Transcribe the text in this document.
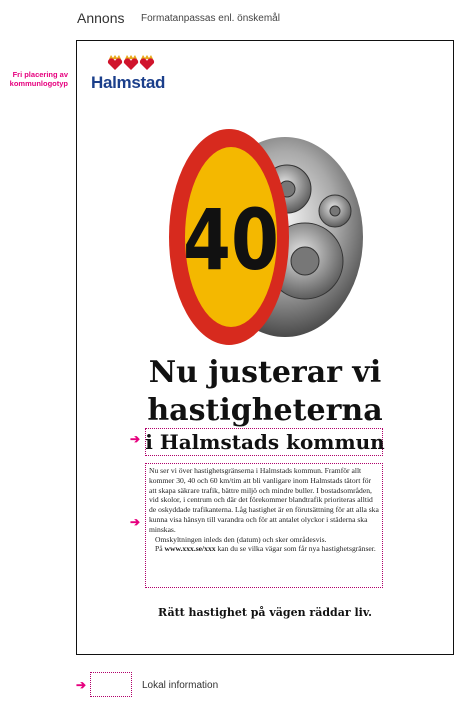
Annons Formatanpassas enl. önskemål
Fri placering av
kommunlogotyp Halmstad
40
Nu justerar vi
hastigheterna
i Halmstads kommun

Nu ser vi över hastighetsgränserna i Halmstads kommun. Framför allt kommer 30, 40 och 60 km/tim att bli vanligare inom Halmstads tätort för att skapa säkrare trafik, bättre miljö och mindre buller. I bostadsområden, vid skolor, i centrum och där det förekommer blandtrafik prioriteras alltid de oskyddade trafikanterna. Låg hastighet är en förutsättning för att alla ska kunna visa hänsyn till varandra och för att antalet olyckor i städerna ska minskas.

Omskyltningen inleds den (datum) och sker områdesvis.

På www.xxx.se/xxx kan du se vilka vägar som får nya hastighetsgränser.

Rätt hastighet på vägen räddar liv.
➔
➔
➔	Lokal information
